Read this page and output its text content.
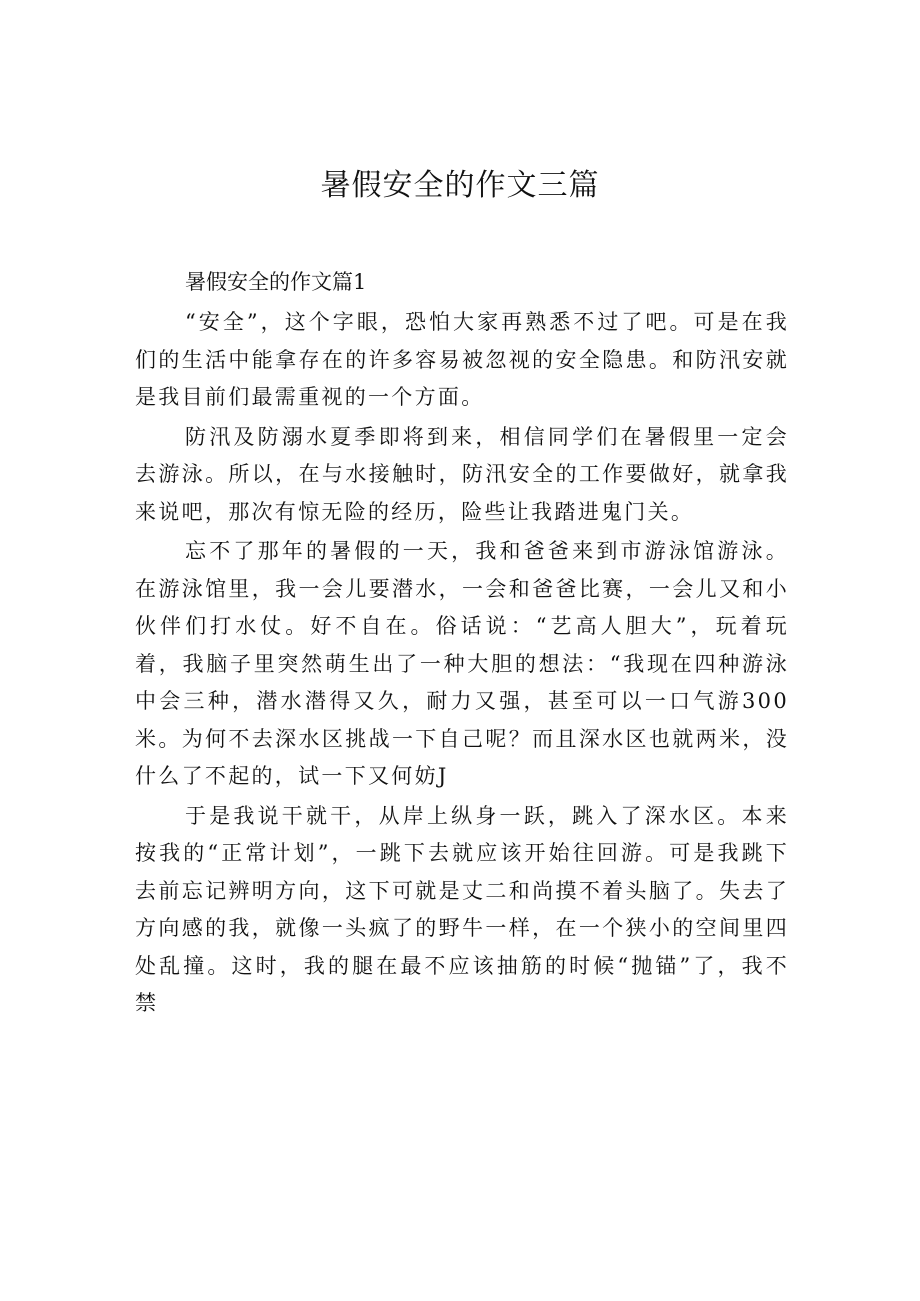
暑假安全的作文三篇
暑假安全的作文篇1

“安全”，这个字眼，恐怕大家再熟悉不过了吧。可是在我们的生活中能拿存在的许多容易被忽视的安全隐患。和防汛安就是我目前们最需重视的一个方面。

防汛及防溺水夏季即将到来，相信同学们在暑假里一定会去游泳。所以，在与水接触时，防汛安全的工作要做好，就拿我来说吧，那次有惊无险的经历，险些让我踏进鬼门关。

忘不了那年的暑假的一天，我和爸爸来到市游泳馆游泳。在游泳馆里，我一会儿要潜水，一会和爸爸比赛，一会儿又和小伙伴们打水仗。好不自在。俗话说：“艺高人胆大”，玩着玩着，我脑子里突然萌生出了一种大胆的想法：“我现在四种游泳中会三种，潜水潜得又久，耐力又强，甚至可以一口气游300米。为何不去深水区挑战一下自己呢？而且深水区也就两米，没什么了不起的，试一下又何妨J

于是我说干就干，从岸上纵身一跃，跳入了深水区。本来按我的“正常计划”，一跳下去就应该开始往回游。可是我跳下去前忘记辨明方向，这下可就是丈二和尚摸不着头脑了。失去了方向感的我，就像一头疯了的野牛一样，在一个狭小的空间里四处乱撞。这时，我的腿在最不应该抽筋的时候“抛锚”了，我不禁
